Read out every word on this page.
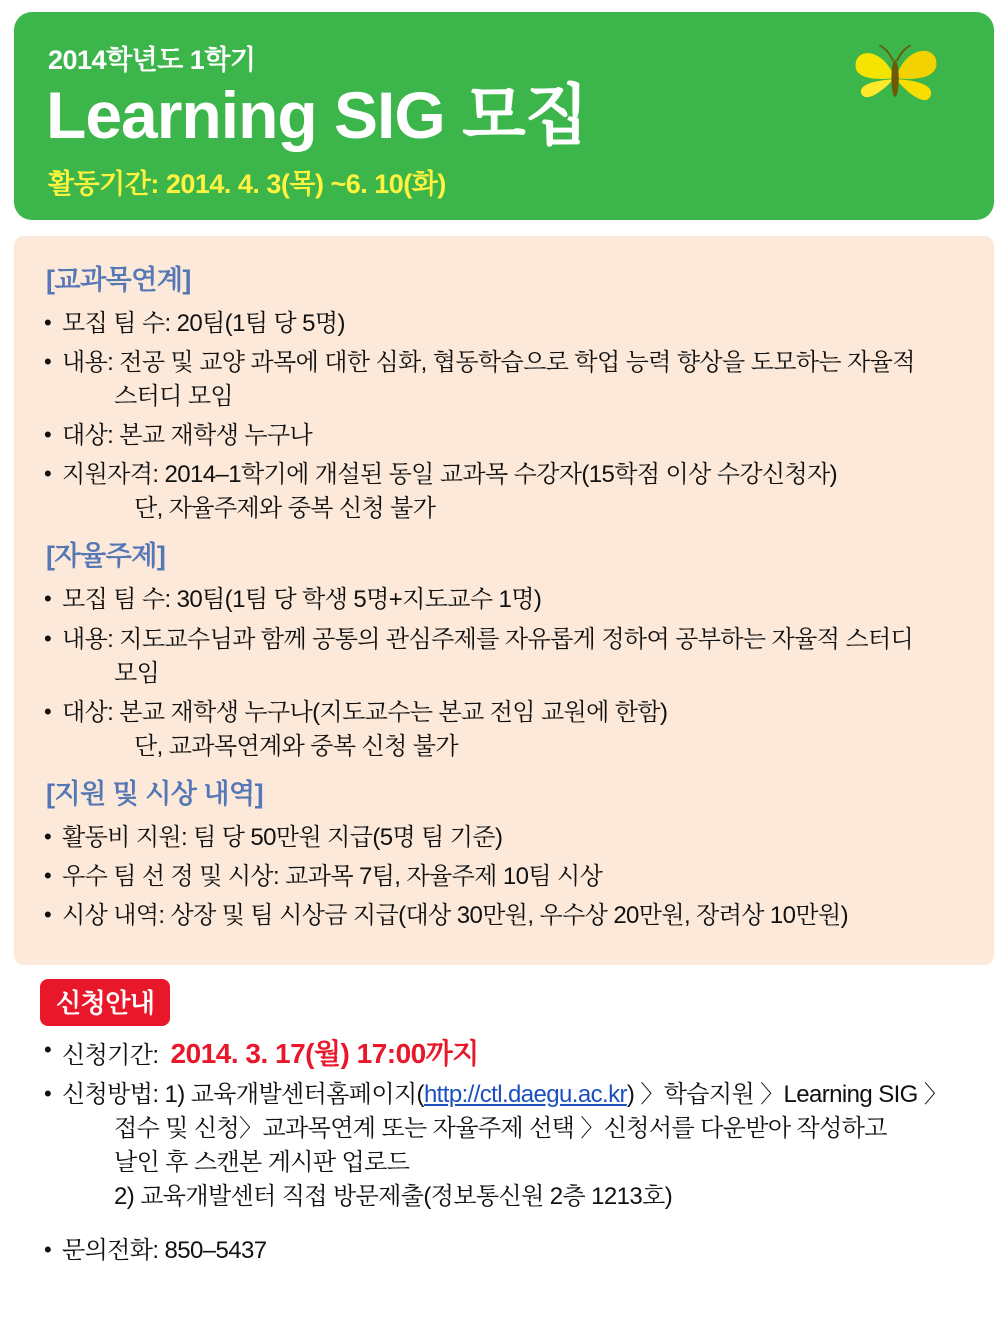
2014학년도 1학기
Learning SIG 모집
활동기간: 2014. 4. 3(목) ~6. 10(화)
[교과목연계]
• 모집 팀 수: 20팀(1팀 당 5명)
• 내용: 전공 및 교양 과목에 대한 심화, 협동학습으로 학업 능력 향상을 도모하는 자율적
스터디 모임
• 대상: 본교 재학생 누구나
• 지원자격: 2014–1학기에 개설된 동일 교과목 수강자(15학점 이상 수강신청자)
단, 자율주제와 중복 신청 불가
[자율주제]
• 모집 팀 수: 30팀(1팀 당 학생 5명+지도교수 1명)
• 내용: 지도교수님과 함께 공통의 관심주제를 자유롭게 정하여 공부하는 자율적 스터디
모임
• 대상: 본교 재학생 누구나(지도교수는 본교 전임 교원에 한함)
단, 교과목연계와 중복 신청 불가
[지원 및 시상 내역]
• 활동비 지원: 팀 당 50만원 지급(5명 팀 기준)
• 우수 팀 선 정 및 시상: 교과목 7팀, 자율주제 10팀 시상
• 시상 내역: 상장 및 팀 시상금 지급(대상 30만원, 우수상 20만원, 장려상 10만원)
신청안내
• 신청기간: 2014. 3. 17(월) 17:00까지
• 신청방법: 1) 교육개발센터홈페이지(http://ctl.daegu.ac.kr) 〉학습지원 〉Learning SIG 〉
접수 및 신청〉교과목연계 또는 자율주제 선택 〉신청서를 다운받아 작성하고
날인 후 스캔본 게시판 업로드
2) 교육개발센터 직접 방문제출(정보통신원 2층 1213호)
• 문의전화: 850–5437
